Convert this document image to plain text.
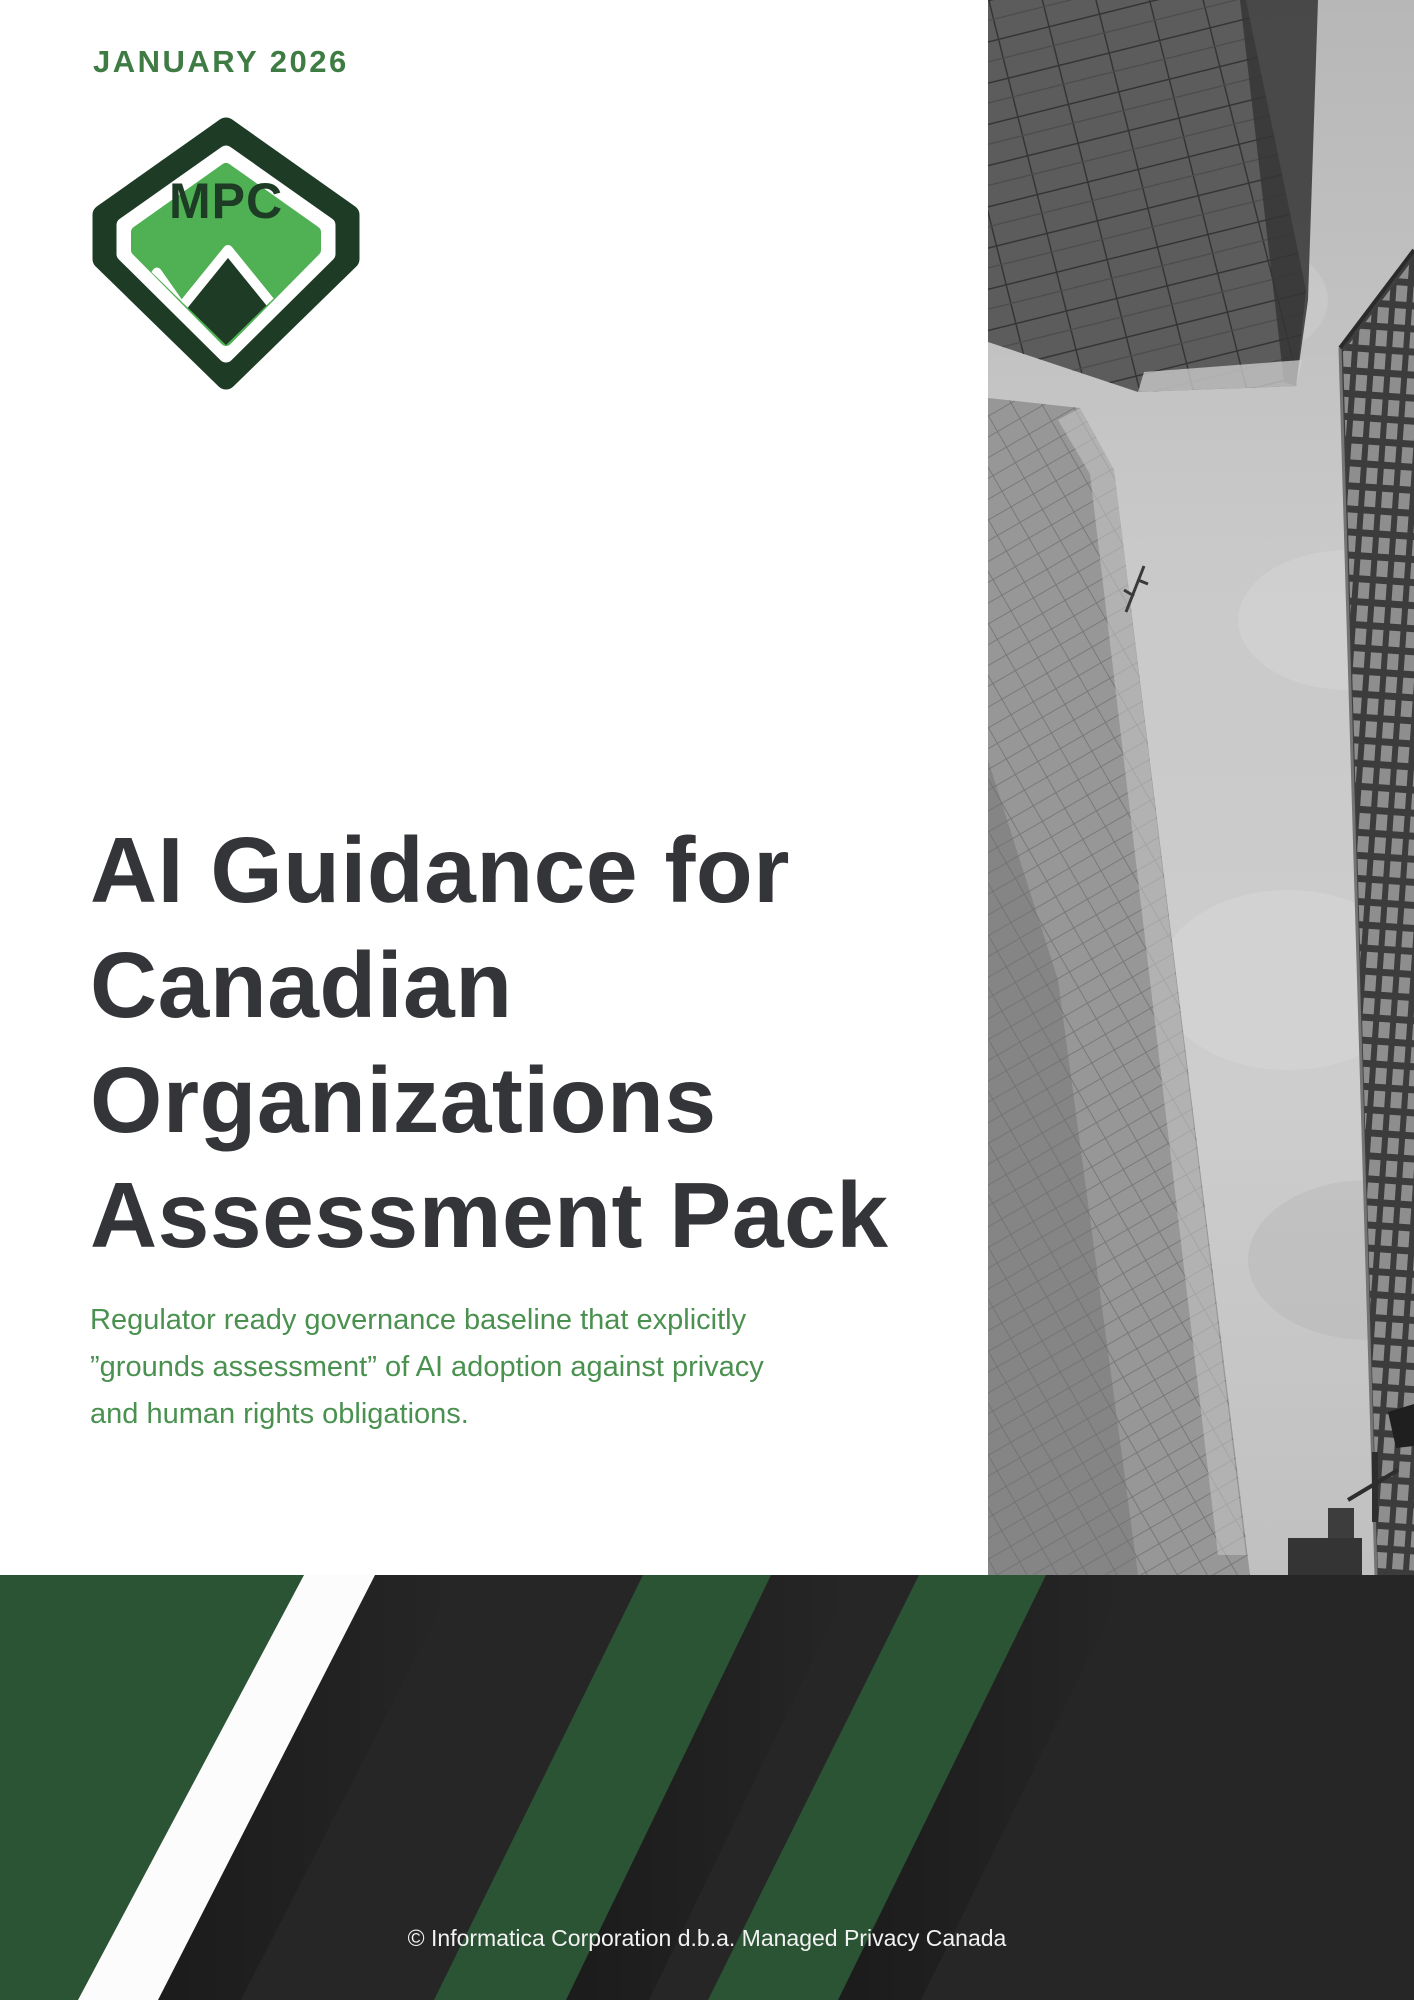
JANUARY 2026
MPC
AI Guidance for
Canadian
Organizations
Assessment Pack
Regulator ready governance baseline that explicitly
”grounds assessment” of AI adoption against privacy
and human rights obligations.
© Informatica Corporation d.b.a. Managed Privacy Canada
